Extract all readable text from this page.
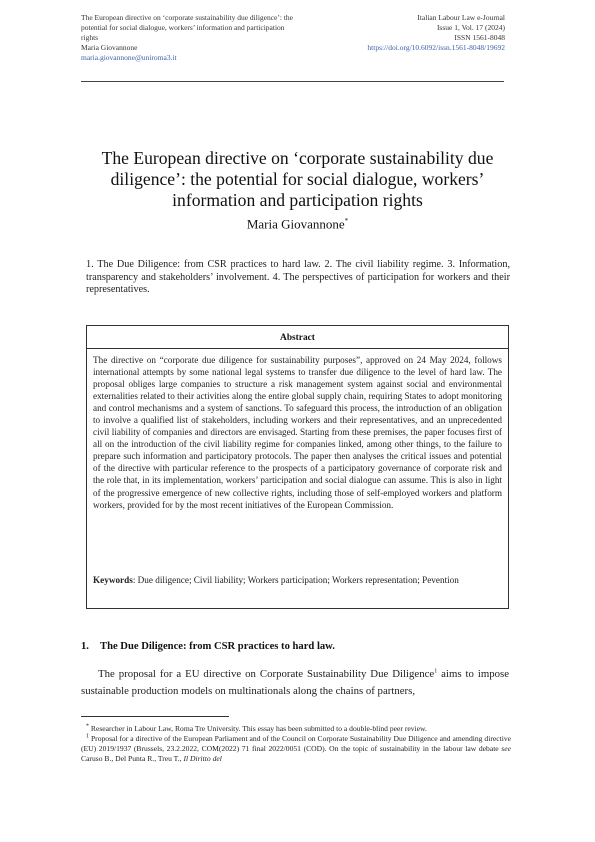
The European directive on ‘corporate sustainability due diligence’: the
potential for social dialogue, workers’ information and participation
rights
Maria Giovannone
maria.giovannone@uniroma3.it
Italian Labour Law e-Journal
Issue 1, Vol. 17 (2024)
ISSN 1561-8048
https://doi.org/10.6092/issn.1561-8048/19692
The European directive on ‘corporate sustainability due diligence’: the potential for social dialogue, workers’ information and participation rights
Maria Giovannone*
1. The Due Diligence: from CSR practices to hard law. 2. The civil liability regime. 3. Information, transparency and stakeholders’ involvement. 4. The perspectives of participation for workers and their representatives.
Abstract
The directive on “corporate due diligence for sustainability purposes”, approved on 24 May 2024, follows international attempts by some national legal systems to transfer due diligence to the level of hard law. The proposal obliges large companies to structure a risk management system against social and environmental externalities related to their activities along the entire global supply chain, requiring States to adopt monitoring and control mechanisms and a system of sanctions. To safeguard this process, the introduction of an obligation to involve a qualified list of stakeholders, including workers and their representatives, and an unprecedented civil liability of companies and directors are envisaged. Starting from these premises, the paper focuses first of all on the introduction of the civil liability regime for companies linked, among other things, to the failure to prepare such information and participatory protocols. The paper then analyses the critical issues and potential of the directive with particular reference to the prospects of a participatory governance of corporate risk and the role that, in its implementation, workers’ participation and social dialogue can assume. This is also in light of the progressive emergence of new collective rights, including those of self-employed workers and platform workers, provided for by the most recent initiatives of the European Commission.
Keywords: Due diligence; Civil liability; Workers participation; Workers representation; Pevention
1. The Due Diligence: from CSR practices to hard law.
The proposal for a EU directive on Corporate Sustainability Due Diligence$^1$ aims to impose sustainable production models on multinationals along the chains of partners,
* Researcher in Labour Law, Roma Tre University. This essay has been submitted to a double-blind peer review.
$^1$ Proposal for a directive of the European Parliament and of the Council on Corporate Sustainability Due Diligence and amending directive (EU) 2019/1937 (Brussels, 23.2.2022, COM(2022) 71 final 2022/0051 (COD). On the topic of sustainability in the labour law debate see Caruso B., Del Punta R., Treu T., Il Diritto del
